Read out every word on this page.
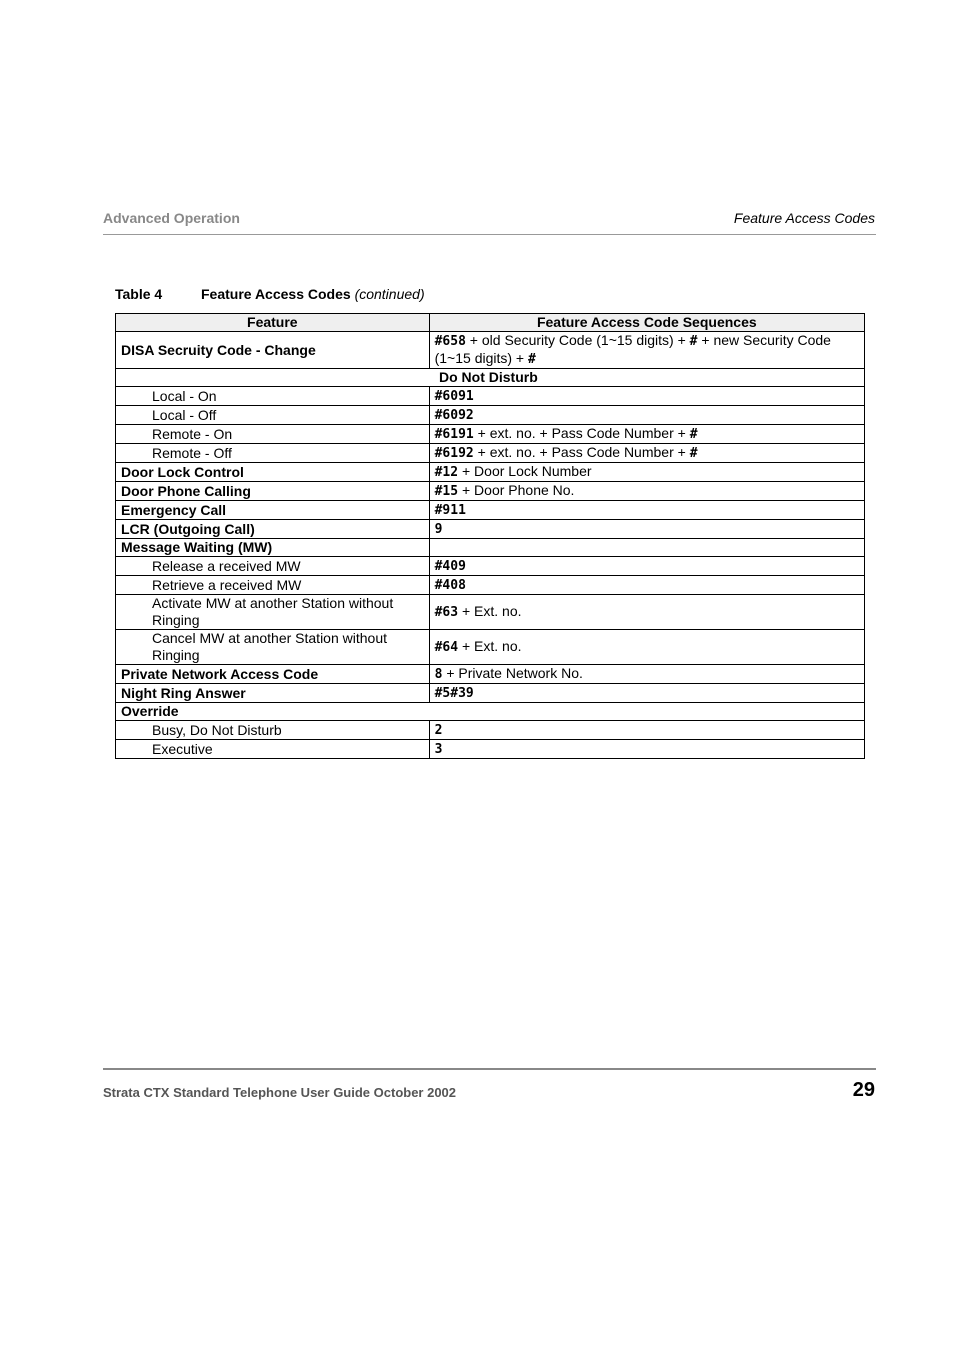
Advanced Operation	Feature Access Codes
Table 4	Feature Access Codes (continued)
Feature	Feature Access Code Sequences
DISA Secruity Code - Change	#658 + old Security Code (1~15 digits) + # + new Security Code (1~15 digits) + #
Do Not Disturb	
Local - On	#6091
Local - Off	#6092
Remote - On	#6191 + ext. no. + Pass Code Number + #
Remote - Off	#6192 + ext. no. + Pass Code Number + #
Door Lock Control	#12 + Door Lock Number
Door Phone Calling	#15 + Door Phone No.
Emergency Call	#911
LCR (Outgoing Call)	9
Message Waiting (MW)	
Release a received MW	#409
Retrieve a received MW	#408
Activate MW at another Station without Ringing	#63 + Ext. no.
Cancel MW at another Station without Ringing	#64 + Ext. no.
Private Network Access Code	8 + Private Network No.
Night Ring Answer	#5#39
Override	
Busy, Do Not Disturb	2
Executive	3
Strata CTX Standard Telephone User Guide October 2002	29
